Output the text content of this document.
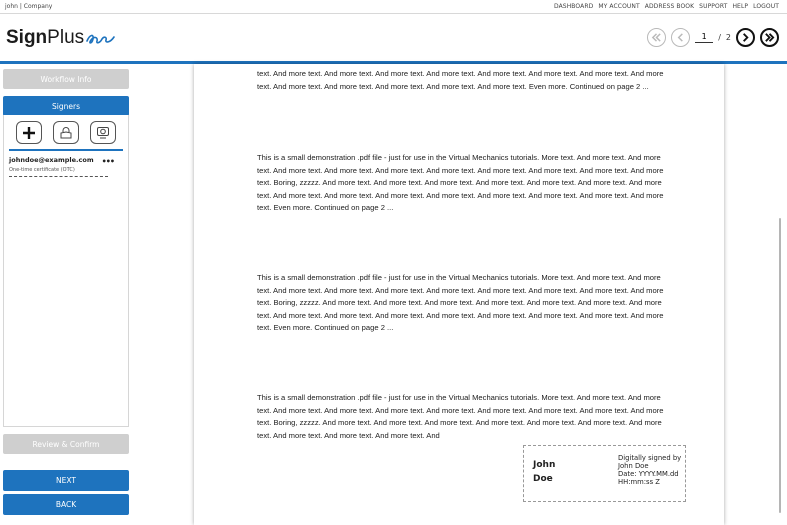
john | Company	DASHBOARD MY ACCOUNT ADDRESS BOOK SUPPORT HELP LOGOUT
SignPlus
1	/ 2
Workflow Info
Signers
johndoe@example.com
One-time certificate (OTC)
•••
Review & Confirm
NEXT
BACK
text. And more text. And more text. And more text. And more text. And more text. And more text. And more text. And more text. And more text. And more text. And more text. And more text. And more text. Even more. Continued on page 2 ...
This is a small demonstration .pdf file - just for use in the Virtual Mechanics tutorials. More text. And more text. And more text. And more text. And more text. And more text. And more text. And more text. And more text. And more text. And more text. Boring, zzzzz. And more text. And more text. And more text. And more text. And more text. And more text. And more text. And more text. And more text. And more text. And more text. And more text. And more text. And more text. And more text. Even more. Continued on page 2 ...
This is a small demonstration .pdf file - just for use in the Virtual Mechanics tutorials. More text. And more text. And more text. And more text. And more text. And more text. And more text. And more text. And more text. And more text. And more text. Boring, zzzzz. And more text. And more text. And more text. And more text. And more text. And more text. And more text. And more text. And more text. And more text. And more text. And more text. And more text. And more text. And more text. Even more. Continued on page 2 ...
This is a small demonstration .pdf file - just for use in the Virtual Mechanics tutorials. More text. And more text. And more text. And more text. And more text. And more text. And more text. And more text. And more text. And more text. And more text. Boring, zzzzz. And more text. And more text. And more text. And more text. And more text. And more text. And more text. And more text. And more text. And more text. And
John
Doe
Digitally signed by
John Doe
Date: YYYY.MM.dd
HH:mm:ss Z
